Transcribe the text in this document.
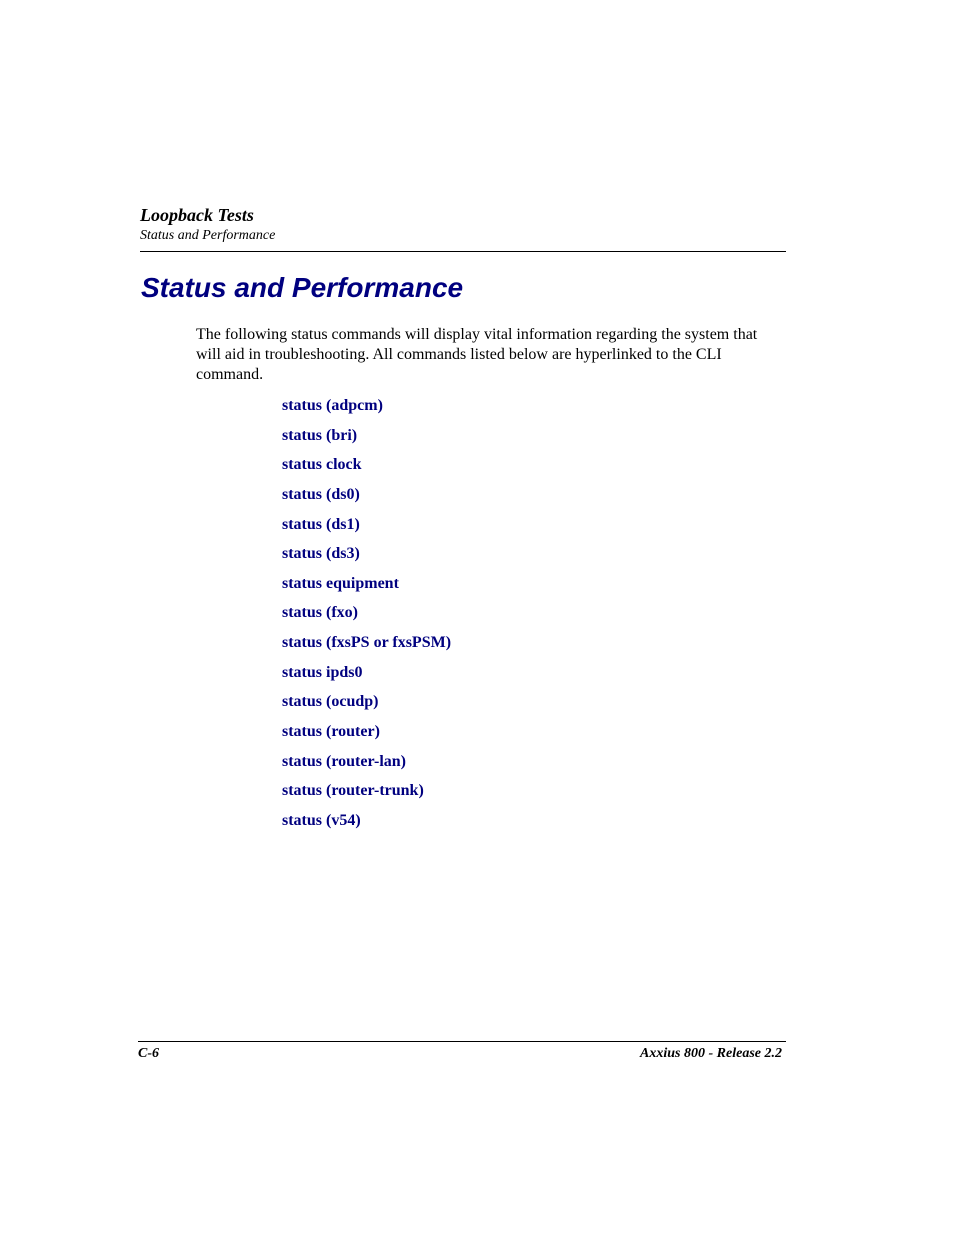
Loopback Tests

Status and Performance

Status and Performance

The following status commands will display vital information regarding the system that will aid in troubleshooting. All commands listed below are hyperlinked to the CLI command.

status (adpcm)
status (bri)
status clock
status (ds0)
status (ds1)
status (ds3)
status equipment
status (fxo)
status (fxsPS or fxsPSM)
status ipds0
status (ocudp)
status (router)
status (router-lan)
status (router-trunk)
status (v54)
C-6	Axxius 800 - Release 2.2
